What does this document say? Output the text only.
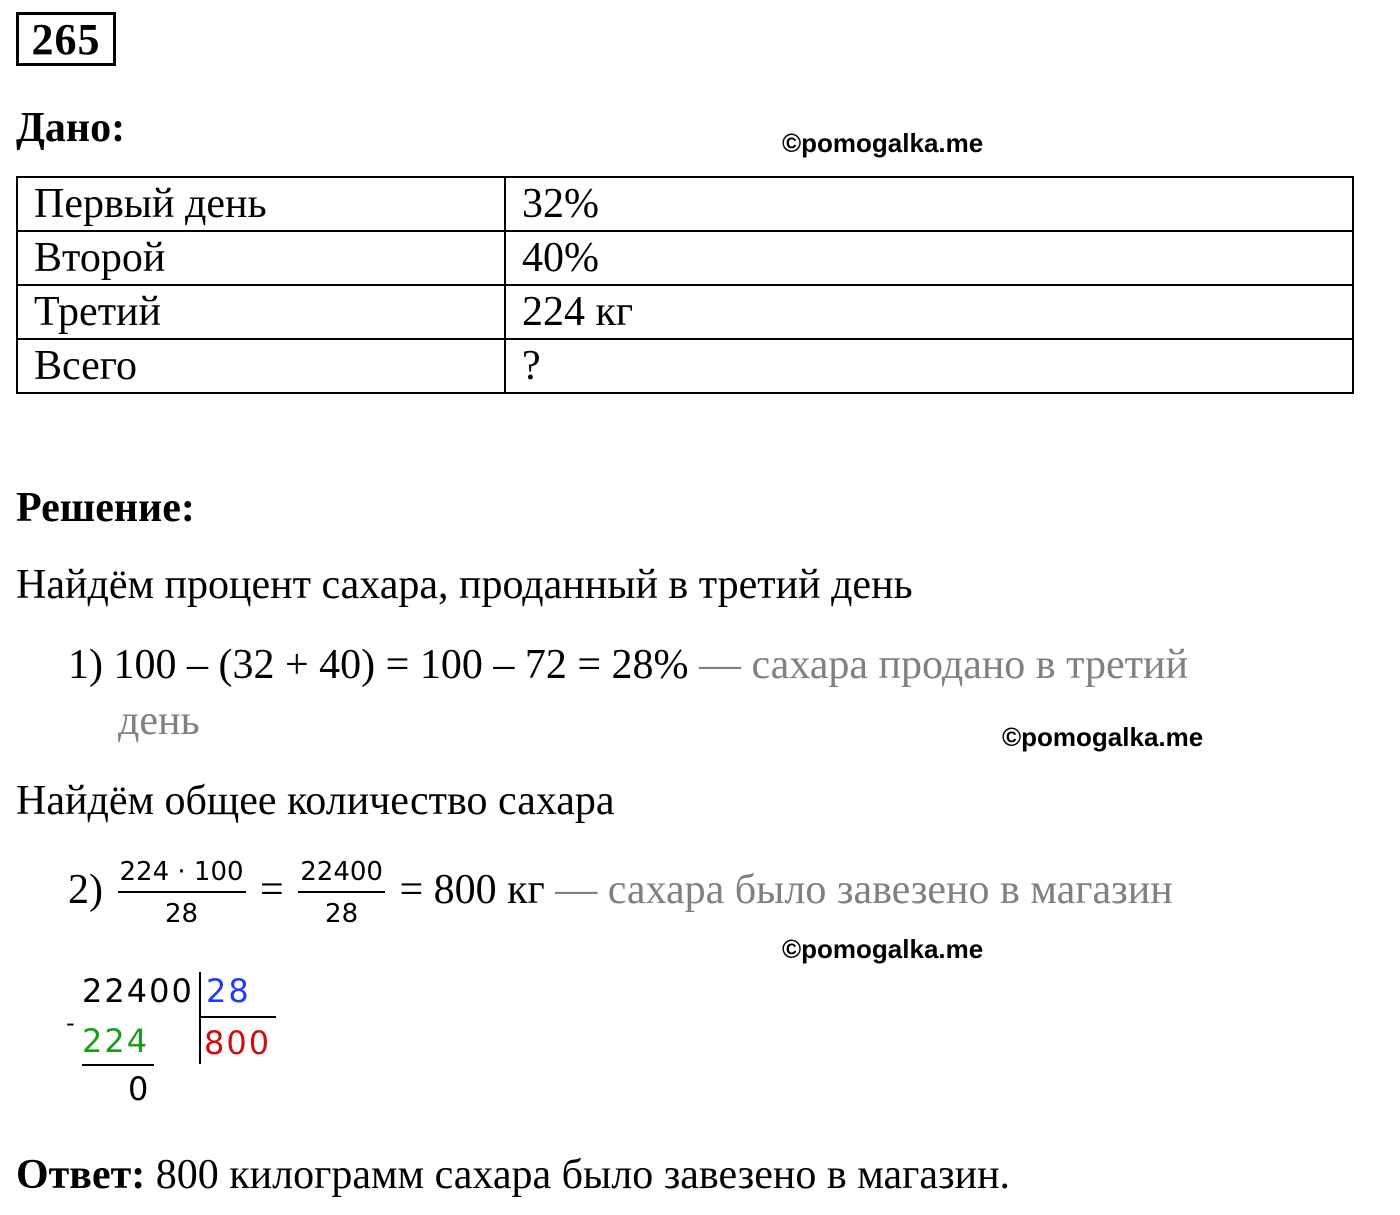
265
Дано:	©pomogalka.me
Первый день	32%
Второй	40%
Третий	224 кг
Всего	?
Решение:
Найдём процент сахара, проданный в третий день
1) 100 – (32 + 40) = 100 – 72 = 28% — сахара продано в третий
день	©pomogalka.me
Найдём общее количество сахара
$2) \frac{224 \cdot 100}{28} = \frac{22400}{28} = 800$ кг — сахара было завезено в магазин
©pomogalka.me
22400 28
- 224 800
0
Ответ: 800 килограмм сахара было завезено в магазин.
